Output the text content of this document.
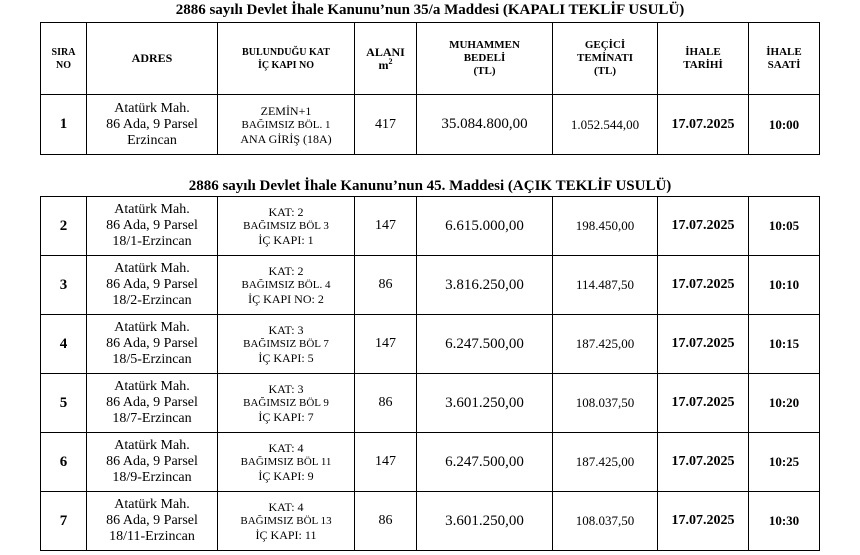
2886 sayılı Devlet İhale Kanunu’nun 35/a Maddesi (KAPALI TEKLİF USULÜ)
SIRA
NO	ADRES	BULUNDUĞU KAT
İÇ KAPI NO	ALANI
$m^2$	MUHAMMEN
BEDELİ
(TL)	GEÇİCİ
TEMİNATI
(TL)	İHALE
TARİHİ	İHALE
SAATİ

1	Atatürk Mah.
86 Ada, 9 Parsel
Erzincan	ZEMİN+1
BAĞIMSIZ BÖL. 1
ANA GİRİŞ (18A)	417	35.084.800,00	1.052.544,00	17.07.2025	10:00
2886 sayılı Devlet İhale Kanunu’nun 45. Maddesi (AÇIK TEKLİF USULÜ)
2	Atatürk Mah.
86 Ada, 9 Parsel
18/1-Erzincan	KAT: 2
BAĞIMSIZ BÖL 3
İÇ KAPI: 1	147	6.615.000,00	198.450,00	17.07.2025	10:05
3	Atatürk Mah.
86 Ada, 9 Parsel
18/2-Erzincan	KAT: 2
BAĞIMSIZ BÖL. 4
İÇ KAPI NO: 2	86	3.816.250,00	114.487,50	17.07.2025	10:10
4	Atatürk Mah.
86 Ada, 9 Parsel
18/5-Erzincan	KAT: 3
BAĞIMSIZ BÖL 7
İÇ KAPI: 5	147	6.247.500,00	187.425,00	17.07.2025	10:15
5	Atatürk Mah.
86 Ada, 9 Parsel
18/7-Erzincan	KAT: 3
BAĞIMSIZ BÖL 9
İÇ KAPI: 7	86	3.601.250,00	108.037,50	17.07.2025	10:20
6	Atatürk Mah.
86 Ada, 9 Parsel
18/9-Erzincan	KAT: 4
BAĞIMSIZ BÖL 11
İÇ KAPI: 9	147	6.247.500,00	187.425,00	17.07.2025	10:25
7	Atatürk Mah.
86 Ada, 9 Parsel
18/11-Erzincan	KAT: 4
BAĞIMSIZ BÖL 13
İÇ KAPI: 11	86	3.601.250,00	108.037,50	17.07.2025	10:30
